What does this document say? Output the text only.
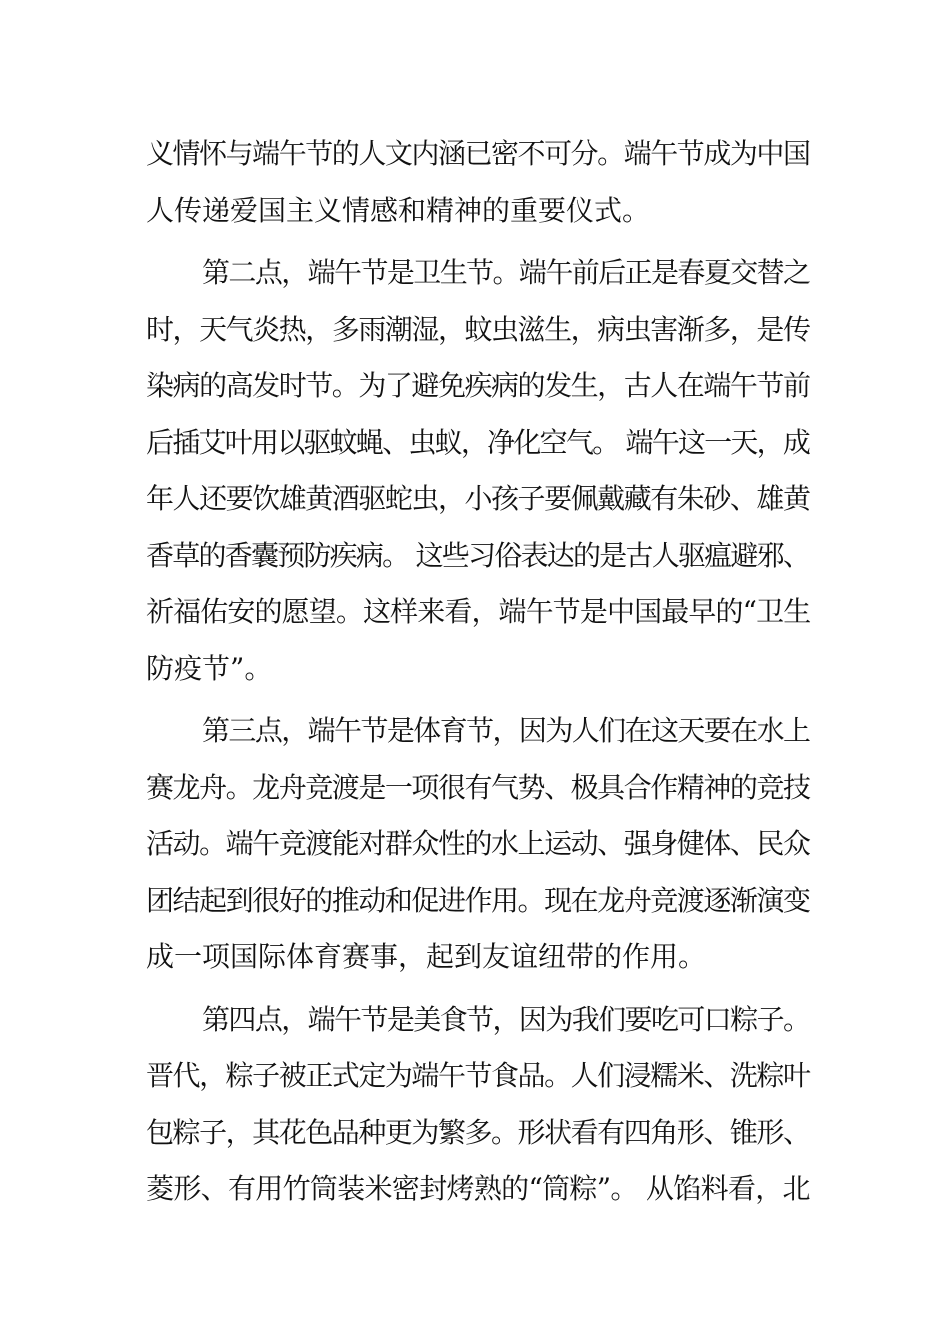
义情怀与端午节的人文内涵已密不可分。端午节成为中国
人传递爱国主义情感和精神的重要仪式。
第二点，端午节是卫生节。端午前后正是春夏交替之
时，天气炎热，多雨潮湿，蚊虫滋生，病虫害渐多，是传
染病的高发时节。为了避免疾病的发生，古人在端午节前
后插艾叶用以驱蚊蝇、虫蚁，净化空气。 端午这一天，成
年人还要饮雄黄酒驱蛇虫，小孩子要佩戴藏有朱砂、雄黄
香草的香囊预防疾病。 这些习俗表达的是古人驱瘟避邪、
祈福佑安的愿望。这样来看，端午节是中国最早的“卫生
防疫节”。
第三点，端午节是体育节，因为人们在这天要在水上
赛龙舟。龙舟竞渡是一项很有气势、极具合作精神的竞技
活动。端午竞渡能对群众性的水上运动、强身健体、民众
团结起到很好的推动和促进作用。现在龙舟竞渡逐渐演变
成一项国际体育赛事，起到友谊纽带的作用。
第四点，端午节是美食节，因为我们要吃可口粽子。
晋代，粽子被正式定为端午节食品。人们浸糯米、洗粽叶
包粽子，其花色品种更为繁多。形状看有四角形、锥形、
菱形、有用竹筒装米密封烤熟的“筒粽”。 从馅料看，北
